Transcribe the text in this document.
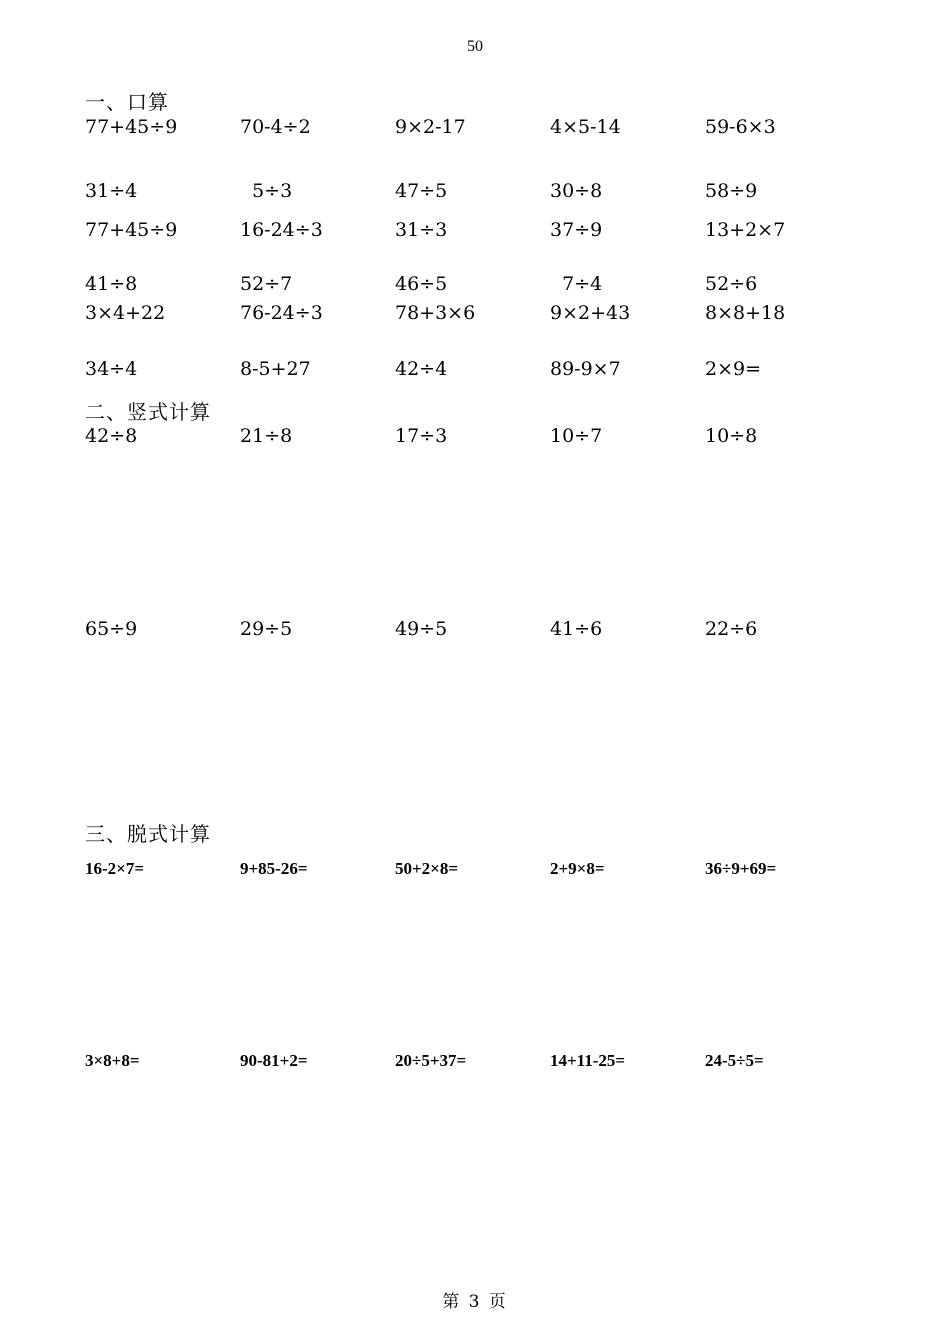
50
一、口算
77+45÷9	70-4÷2	9×2-17	4×5-14	59-6×3
31÷4	5÷3	47÷5	30÷8	58÷9
77+45÷9	16-24÷3	31÷3	37÷9	13+2×7
41÷8	52÷7	46÷5	7÷4	52÷6
3×4+22	76-24÷3	78+3×6	9×2+43	8×8+18
34÷4	8-5+27	42÷4	89-9×7	2×9=
二、竖式计算
42÷8	21÷8	17÷3	10÷7	10÷8
65÷9	29÷5	49÷5	41÷6	22÷6
三、脱式计算
16-2×7=	9+85-26=	50+2×8=	2+9×8=	36÷9+69=
3×8+8=	90-81+2=	20÷5+37=	14+11-25=	24-5÷5=
第 3 页
